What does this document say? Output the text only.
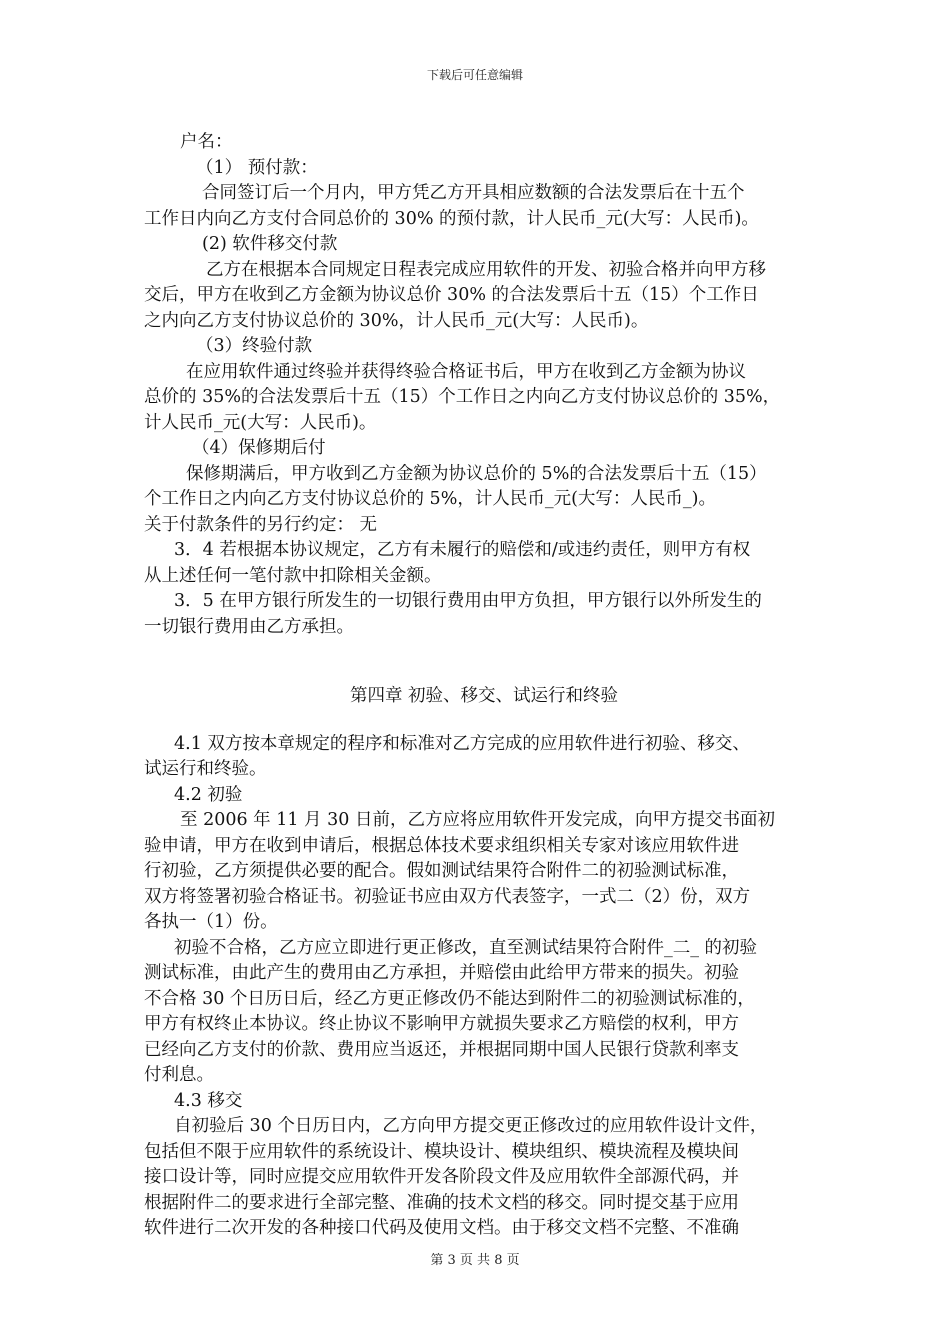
下载后可任意编辑
户名：
（1） 预付款：
合同签订后一个月内，甲方凭乙方开具相应数额的合法发票后在十五个
工作日内向乙方支付合同总价的 30% 的预付款，计人民币_元(大写：人民币)。
(2) 软件移交付款
乙方在根据本合同规定日程表完成应用软件的开发、初验合格并向甲方移
交后，甲方在收到乙方金额为协议总价 30% 的合法发票后十五（15）个工作日
之内向乙方支付协议总价的 30%，计人民币_元(大写：人民币)。
（3）终验付款
在应用软件通过终验并获得终验合格证书后，甲方在收到乙方金额为协议
总价的 35%的合法发票后十五（15）个工作日之内向乙方支付协议总价的 35%，
计人民币_元(大写：人民币)。
（4）保修期后付
保修期满后，甲方收到乙方金额为协议总价的 5%的合法发票后十五（15）
个工作日之内向乙方支付协议总价的 5%，计人民币_元(大写：人民币_)。
关于付款条件的另行约定： 无
3．4 若根据本协议规定，乙方有未履行的赔偿和/或违约责任，则甲方有权
从上述任何一笔付款中扣除相关金额。
3．5 在甲方银行所发生的一切银行费用由甲方负担，甲方银行以外所发生的
一切银行费用由乙方承担。
第四章 初验、移交、试运行和终验
4.1 双方按本章规定的程序和标准对乙方完成的应用软件进行初验、移交、
试运行和终验。
4.2 初验
至 2006 年 11 月 30 日前，乙方应将应用软件开发完成，向甲方提交书面初
验申请，甲方在收到申请后，根据总体技术要求组织相关专家对该应用软件进
行初验，乙方须提供必要的配合。假如测试结果符合附件二的初验测试标准，
双方将签署初验合格证书。初验证书应由双方代表签字，一式二（2）份，双方
各执一（1）份。
初验不合格，乙方应立即进行更正修改，直至测试结果符合附件_二_ 的初验
测试标准，由此产生的费用由乙方承担，并赔偿由此给甲方带来的损失。初验
不合格 30 个日历日后，经乙方更正修改仍不能达到附件二的初验测试标准的，
甲方有权终止本协议。终止协议不影响甲方就损失要求乙方赔偿的权利，甲方
已经向乙方支付的价款、费用应当返还，并根据同期中国人民银行贷款利率支
付利息。
4.3 移交
自初验后 30 个日历日内，乙方向甲方提交更正修改过的应用软件设计文件，
包括但不限于应用软件的系统设计、模块设计、模块组织、模块流程及模块间
接口设计等，同时应提交应用软件开发各阶段文件及应用软件全部源代码，并
根据附件二的要求进行全部完整、准确的技术文档的移交。同时提交基于应用
软件进行二次开发的各种接口代码及使用文档。由于移交文档不完整、不准确
第 3 页 共 8 页
